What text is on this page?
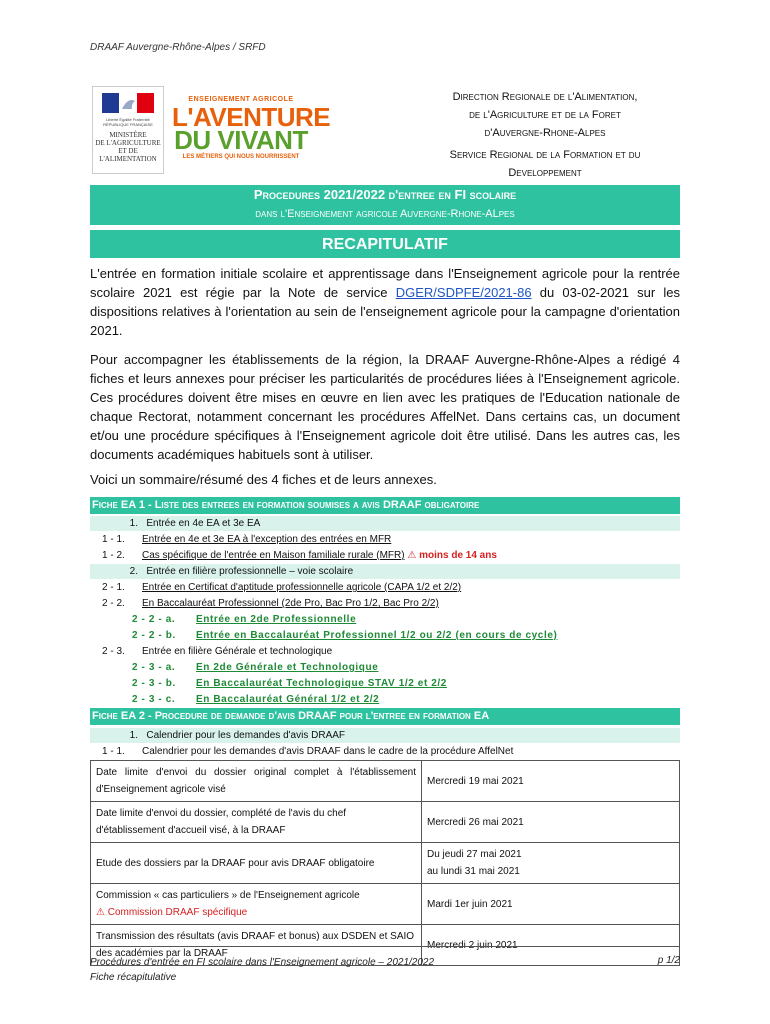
DRAAF Auvergne-Rhône-Alpes / SRFD
Liberté Égalité Fraternité RÉPUBLIQUE FRANÇAISE
MINISTÈRE
DE L'AGRICULTURE
ET DE
L'ALIMENTATION
ENSEIGNEMENT AGRICOLE
L'AVENTURE
DU VIVANT
LES MÉTIERS QUI NOUS NOURRISSENT
Direction Regionale de l'Alimentation,
de l'Agriculture et de la Foret
d'Auvergne-Rhone-Alpes
Service Regional de la Formation et du
Developpement
Procedures 2021/2022 d'entree en FI scolaire
dans l'Enseignement agricole Auvergne-Rhone-ALpes
RECAPITULATIF
L'entrée en formation initiale scolaire et apprentissage dans l'Enseignement agricole pour la rentrée scolaire 2021 est régie par la Note de service DGER/SDPFE/2021-86 du 03-02-2021 sur les dispositions relatives à l'orientation au sein de l'enseignement agricole pour la campagne d'orientation 2021.
Pour accompagner les établissements de la région, la DRAAF Auvergne-Rhône-Alpes a rédigé 4 fiches et leurs annexes pour préciser les particularités de procédures liées à l'Enseignement agricole. Ces procédures doivent être mises en œuvre en lien avec les pratiques de l'Education nationale de chaque Rectorat, notamment concernant les procédures AffelNet. Dans certains cas, un document et/ou une procédure spécifiques à l'Enseignement agricole doit être utilisé. Dans les autres cas, les documents académiques habituels sont à utiliser.
Voici un sommaire/résumé des 4 fiches et de leurs annexes.
Fiche EA 1 - Liste des entrees en formation soumises a avis DRAAF obligatoire
1. Entrée en 4e EA et 3e EA
1 - 1. Entrée en 4e et 3e EA à l'exception des entrées en MFR
1 - 2. Cas spécifique de l'entrée en Maison familiale rurale (MFR) ⚠ moins de 14 ans
2. Entrée en filière professionnelle – voie scolaire
2 - 1. Entrée en Certificat d'aptitude professionnelle agricole (CAPA 1/2 et 2/2)
2 - 2. En Baccalauréat Professionnel (2de Pro, Bac Pro 1/2, Bac Pro 2/2)
2 - 2 - a. Entrée en 2de Professionnelle
2 - 2 - b. Entrée en Baccalauréat Professionnel 1/2 ou 2/2 (en cours de cycle)
2 - 3. Entrée en filière Générale et technologique
2 - 3 - a. En 2de Générale et Technologique
2 - 3 - b. En Baccalauréat Technologique STAV 1/2 et 2/2
2 - 3 - c. En Baccalauréat Général 1/2 et 2/2
Fiche EA 2 - Procedure de demande d'avis DRAAF pour l'entree en formation EA
1. Calendrier pour les demandes d'avis DRAAF
1 - 1. Calendrier pour les demandes d'avis DRAAF dans le cadre de la procédure AffelNet
Date limite d'envoi du dossier original complet à l'établissement d'Enseignement agricole visé	Mercredi 19 mai 2021
Date limite d'envoi du dossier, complété de l'avis du chef d'établissement d'accueil visé, à la DRAAF	Mercredi 26 mai 2021
Etude des dossiers par la DRAAF pour avis DRAAF obligatoire	Du jeudi 27 mai 2021
au lundi 31 mai 2021

Commission « cas particuliers » de l'Enseignement agricole
⚠ Commission DRAAF spécifique	Mardi 1er juin 2021
Transmission des résultats (avis DRAAF et bonus) aux DSDEN et SAIO des académies par la DRAAF	Mercredi 2 juin 2021
Procédures d'entrée en FI scolaire dans l'Enseignement agricole – 2021/2022
Fiche récapitulative
p 1/2
